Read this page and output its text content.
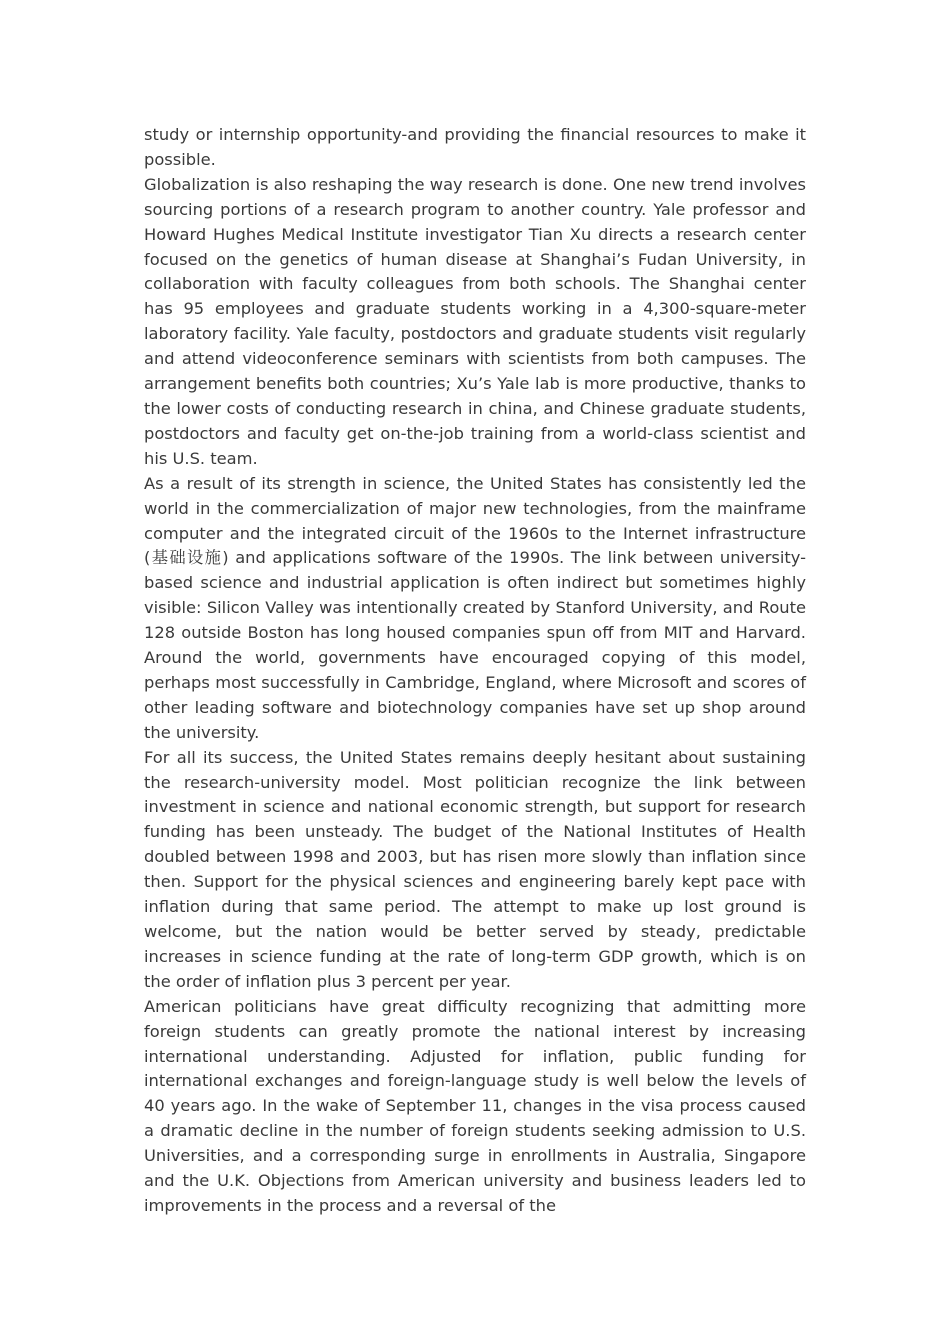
study or internship opportunity-and providing the financial resources to make it possible.

Globalization is also reshaping the way research is done. One new trend involves sourcing portions of a research program to another country. Yale professor and Howard Hughes Medical Institute investigator Tian Xu directs a research center focused on the genetics of human disease at Shanghai’s Fudan University, in collaboration with faculty colleagues from both schools. The Shanghai center has 95 employees and graduate students working in a 4,300-square-meter laboratory facility. Yale faculty, postdoctors and graduate students visit regularly and attend videoconference seminars with scientists from both campuses. The arrangement benefits both countries; Xu’s Yale lab is more productive, thanks to the lower costs of conducting research in china, and Chinese graduate students, postdoctors and faculty get on-the-job training from a world-class scientist and his U.S. team.

As a result of its strength in science, the United States has consistently led the world in the commercialization of major new technologies, from the mainframe computer and the integrated circuit of the 1960s to the Internet infrastructure (基础设施) and applications software of the 1990s. The link between university-based science and industrial application is often indirect but sometimes highly visible: Silicon Valley was intentionally created by Stanford University, and Route 128 outside Boston has long housed companies spun off from MIT and Harvard. Around the world, governments have encouraged copying of this model, perhaps most successfully in Cambridge, England, where Microsoft and scores of other leading software and biotechnology companies have set up shop around the university.

For all its success, the United States remains deeply hesitant about sustaining the research-university model. Most politician recognize the link between investment in science and national economic strength, but support for research funding has been unsteady. The budget of the National Institutes of Health doubled between 1998 and 2003, but has risen more slowly than inflation since then. Support for the physical sciences and engineering barely kept pace with inflation during that same period. The attempt to make up lost ground is welcome, but the nation would be better served by steady, predictable increases in science funding at the rate of long-term GDP growth, which is on the order of inflation plus 3 percent per year.

American politicians have great difficulty recognizing that admitting more foreign students can greatly promote the national interest by increasing international understanding. Adjusted for inflation, public funding for international exchanges and foreign-language study is well below the levels of 40 years ago. In the wake of September 11, changes in the visa process caused a dramatic decline in the number of foreign students seeking admission to U.S. Universities, and a corresponding surge in enrollments in Australia, Singapore and the U.K. Objections from American university and business leaders led to improvements in the process and a reversal of the
